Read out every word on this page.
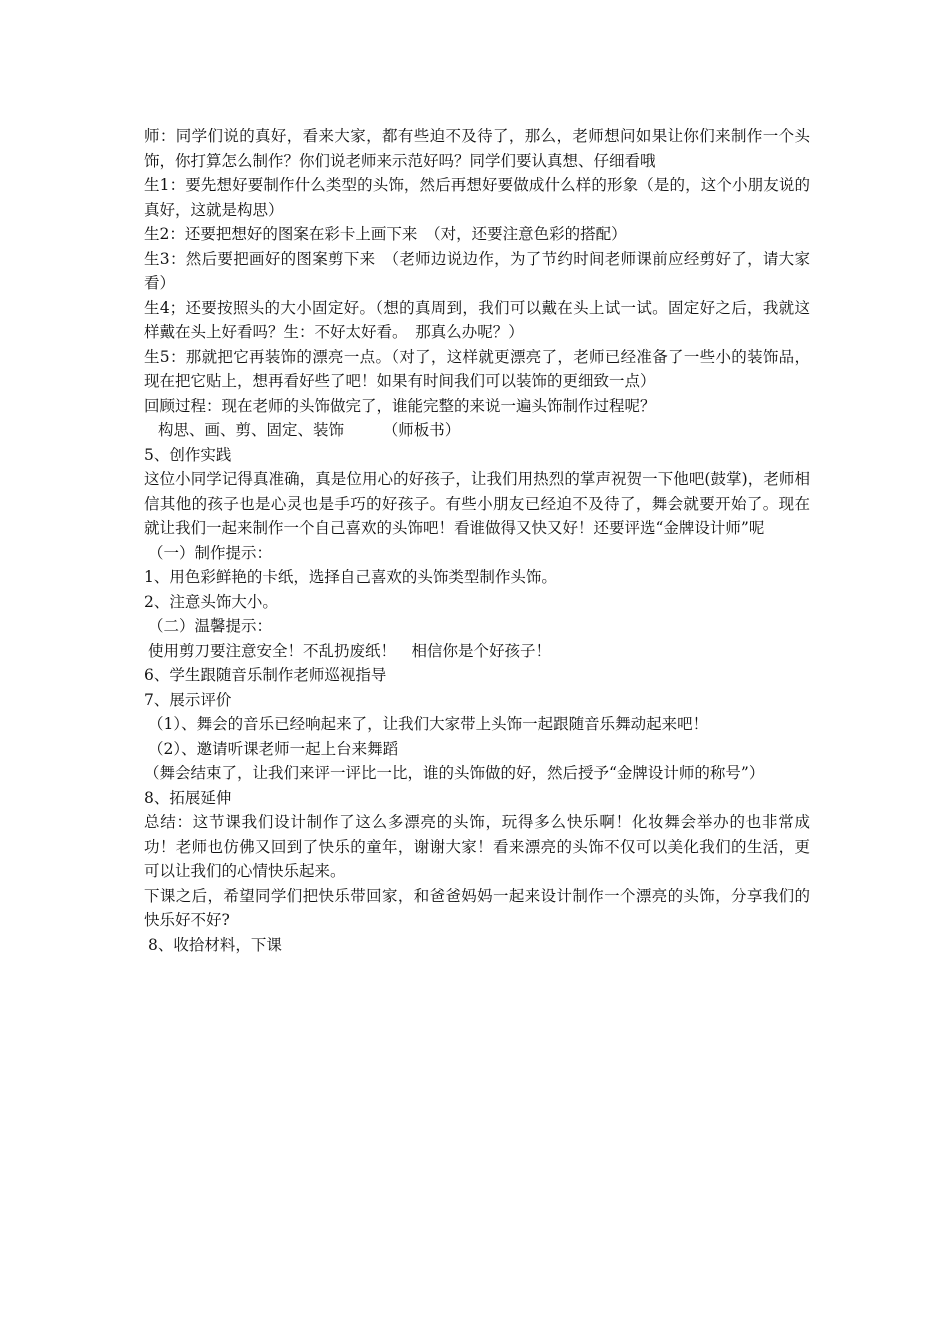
师：同学们说的真好，看来大家，都有些迫不及待了，那么，老师想问如果让你们来制作一个头饰，你打算怎么制作？你们说老师来示范好吗？同学们要认真想、仔细看哦

生1：要先想好要制作什么类型的头饰，然后再想好要做成什么样的形象（是的，这个小朋友说的真好，这就是构思）

生2：还要把想好的图案在彩卡上画下来　（对，还要注意色彩的搭配）

生3：然后要把画好的图案剪下来　（老师边说边作，为了节约时间老师课前应经剪好了，请大家看）

生4；还要按照头的大小固定好。（想的真周到，我们可以戴在头上试一试。固定好之后，我就这样戴在头上好看吗？生：不好太好看。　那真么办呢？）

生5：那就把它再装饰的漂亮一点。（对了，这样就更漂亮了，老师已经准备了一些小的装饰品，现在把它贴上，想再看好些了吧！如果有时间我们可以装饰的更细致一点）

回顾过程：现在老师的头饰做完了，谁能完整的来说一遍头饰制作过程呢？

构思、画、剪、固定、装饰　　　（师板书）

5、创作实践

这位小同学记得真准确，真是位用心的好孩子，让我们用热烈的掌声祝贺一下他吧(鼓掌)，老师相信其他的孩子也是心灵也是手巧的好孩子。有些小朋友已经迫不及待了，舞会就要开始了。现在就让我们一起来制作一个自己喜欢的头饰吧！看谁做得又快又好！还要评选“金牌设计师”呢

（一）制作提示：

1、用色彩鲜艳的卡纸，选择自己喜欢的头饰类型制作头饰。

2、注意头饰大小。

（二）温馨提示：

使用剪刀要注意安全！不乱扔废纸！　相信你是个好孩子！

6、学生跟随音乐制作老师巡视指导

7、展示评价

（1）、舞会的音乐已经响起来了，让我们大家带上头饰一起跟随音乐舞动起来吧！

（2）、邀请听课老师一起上台来舞蹈

（舞会结束了，让我们来评一评比一比，谁的头饰做的好，然后授予“金牌设计师的称号”）

8、拓展延伸

总结：这节课我们设计制作了这么多漂亮的头饰，玩得多么快乐啊！化妆舞会举办的也非常成功！老师也仿佛又回到了快乐的童年，谢谢大家！看来漂亮的头饰不仅可以美化我们的生活，更可以让我们的心情快乐起来。

下课之后，希望同学们把快乐带回家，和爸爸妈妈一起来设计制作一个漂亮的头饰，分享我们的快乐好不好?

8、收拾材料，下课
